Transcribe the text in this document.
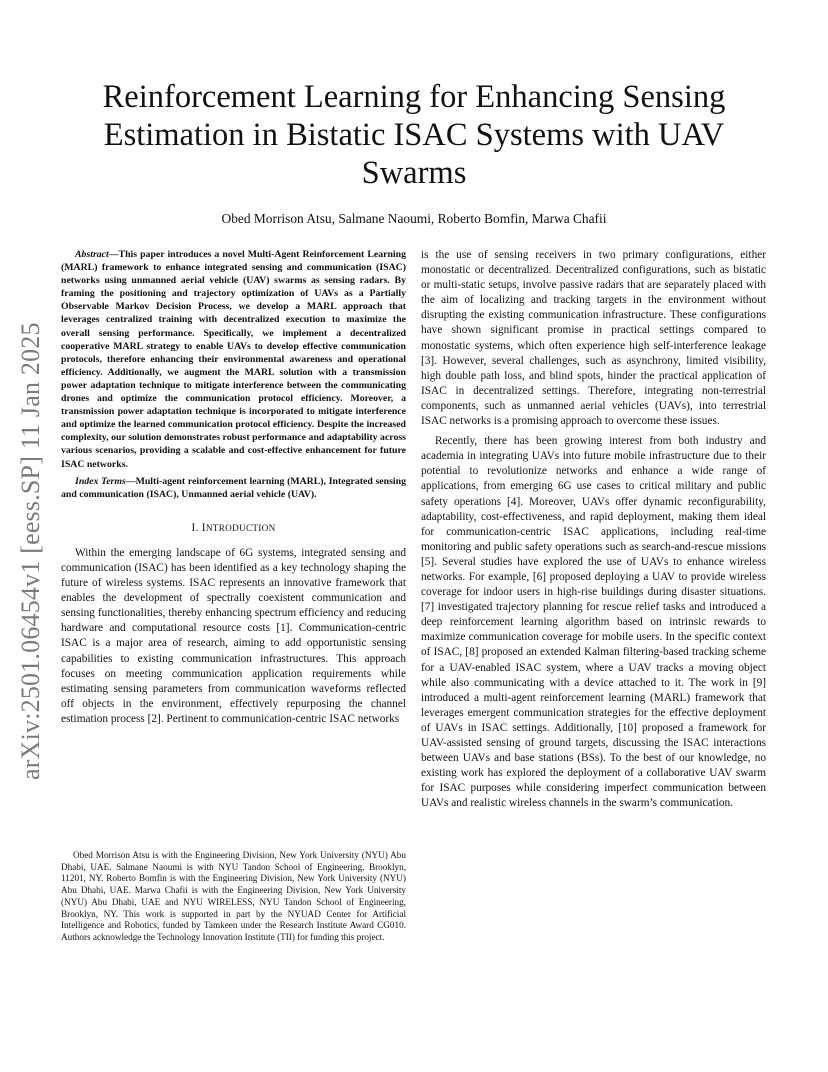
arXiv:2501.06454v1 [eess.SP] 11 Jan 2025
Reinforcement Learning for Enhancing Sensing Estimation in Bistatic ISAC Systems with UAV Swarms

Obed Morrison Atsu, Salmane Naoumi, Roberto Bomfin, Marwa Chafii

Abstract—This paper introduces a novel Multi-Agent Reinforcement Learning (MARL) framework to enhance integrated sensing and communication (ISAC) networks using unmanned aerial vehicle (UAV) swarms as sensing radars. By framing the positioning and trajectory optimization of UAVs as a Partially Observable Markov Decision Process, we develop a MARL approach that leverages centralized training with decentralized execution to maximize the overall sensing performance. Specifically, we implement a decentralized cooperative MARL strategy to enable UAVs to develop effective communication protocols, therefore enhancing their environmental awareness and operational efficiency. Additionally, we augment the MARL solution with a transmission power adaptation technique to mitigate interference between the communicating drones and optimize the communication protocol efficiency. Moreover, a transmission power adaptation technique is incorporated to mitigate interference and optimize the learned communication protocol efficiency. Despite the increased complexity, our solution demonstrates robust performance and adaptability across various scenarios, providing a scalable and cost-effective enhancement for future ISAC networks.

Index Terms—Multi-agent reinforcement learning (MARL), Integrated sensing and communication (ISAC), Unmanned aerial vehicle (UAV).

I. INTRODUCTION

Within the emerging landscape of 6G systems, integrated sensing and communication (ISAC) has been identified as a key technology shaping the future of wireless systems. ISAC represents an innovative framework that enables the development of spectrally coexistent communication and sensing functionalities, thereby enhancing spectrum efficiency and reducing hardware and computational resource costs [1]. Communication-centric ISAC is a major area of research, aiming to add opportunistic sensing capabilities to existing communication infrastructures. This approach focuses on meeting communication application requirements while estimating sensing parameters from communication waveforms reflected off objects in the environment, effectively repurposing the channel estimation process [2]. Pertinent to communication-centric ISAC networks

Obed Morrison Atsu is with the Engineering Division, New York University (NYU) Abu Dhabi, UAE. Salmane Naoumi is with NYU Tandon School of Engineering, Brooklyn, 11201, NY. Roberto Bomfin is with the Engineering Division, New York University (NYU) Abu Dhabi, UAE. Marwa Chafii is with the Engineering Division, New York University (NYU) Abu Dhabi, UAE and NYU WIRELESS, NYU Tandon School of Engineering, Brooklyn, NY. This work is supported in part by the NYUAD Center for Artificial Intelligence and Robotics, funded by Tamkeen under the Research Institute Award CG010. Authors acknowledge the Technology Innovation Institute (TII) for funding this project.

is the use of sensing receivers in two primary configurations, either monostatic or decentralized. Decentralized configurations, such as bistatic or multi-static setups, involve passive radars that are separately placed with the aim of localizing and tracking targets in the environment without disrupting the existing communication infrastructure. These configurations have shown significant promise in practical settings compared to monostatic systems, which often experience high self-interference leakage [3]. However, several challenges, such as asynchrony, limited visibility, high double path loss, and blind spots, hinder the practical application of ISAC in decentralized settings. Therefore, integrating non-terrestrial components, such as unmanned aerial vehicles (UAVs), into terrestrial ISAC networks is a promising approach to overcome these issues.

Recently, there has been growing interest from both industry and academia in integrating UAVs into future mobile infrastructure due to their potential to revolutionize networks and enhance a wide range of applications, from emerging 6G use cases to critical military and public safety operations [4]. Moreover, UAVs offer dynamic reconfigurability, adaptability, cost-effectiveness, and rapid deployment, making them ideal for communication-centric ISAC applications, including real-time monitoring and public safety operations such as search-and-rescue missions [5]. Several studies have explored the use of UAVs to enhance wireless networks. For example, [6] proposed deploying a UAV to provide wireless coverage for indoor users in high-rise buildings during disaster situations. [7] investigated trajectory planning for rescue relief tasks and introduced a deep reinforcement learning algorithm based on intrinsic rewards to maximize communication coverage for mobile users. In the specific context of ISAC, [8] proposed an extended Kalman filtering-based tracking scheme for a UAV-enabled ISAC system, where a UAV tracks a moving object while also communicating with a device attached to it. The work in [9] introduced a multi-agent reinforcement learning (MARL) framework that leverages emergent communication strategies for the effective deployment of UAVs in ISAC settings. Additionally, [10] proposed a framework for UAV-assisted sensing of ground targets, discussing the ISAC interactions between UAVs and base stations (BSs). To the best of our knowledge, no existing work has explored the deployment of a collaborative UAV swarm for ISAC purposes while considering imperfect communication between UAVs and realistic wireless channels in the swarm’s communication.
